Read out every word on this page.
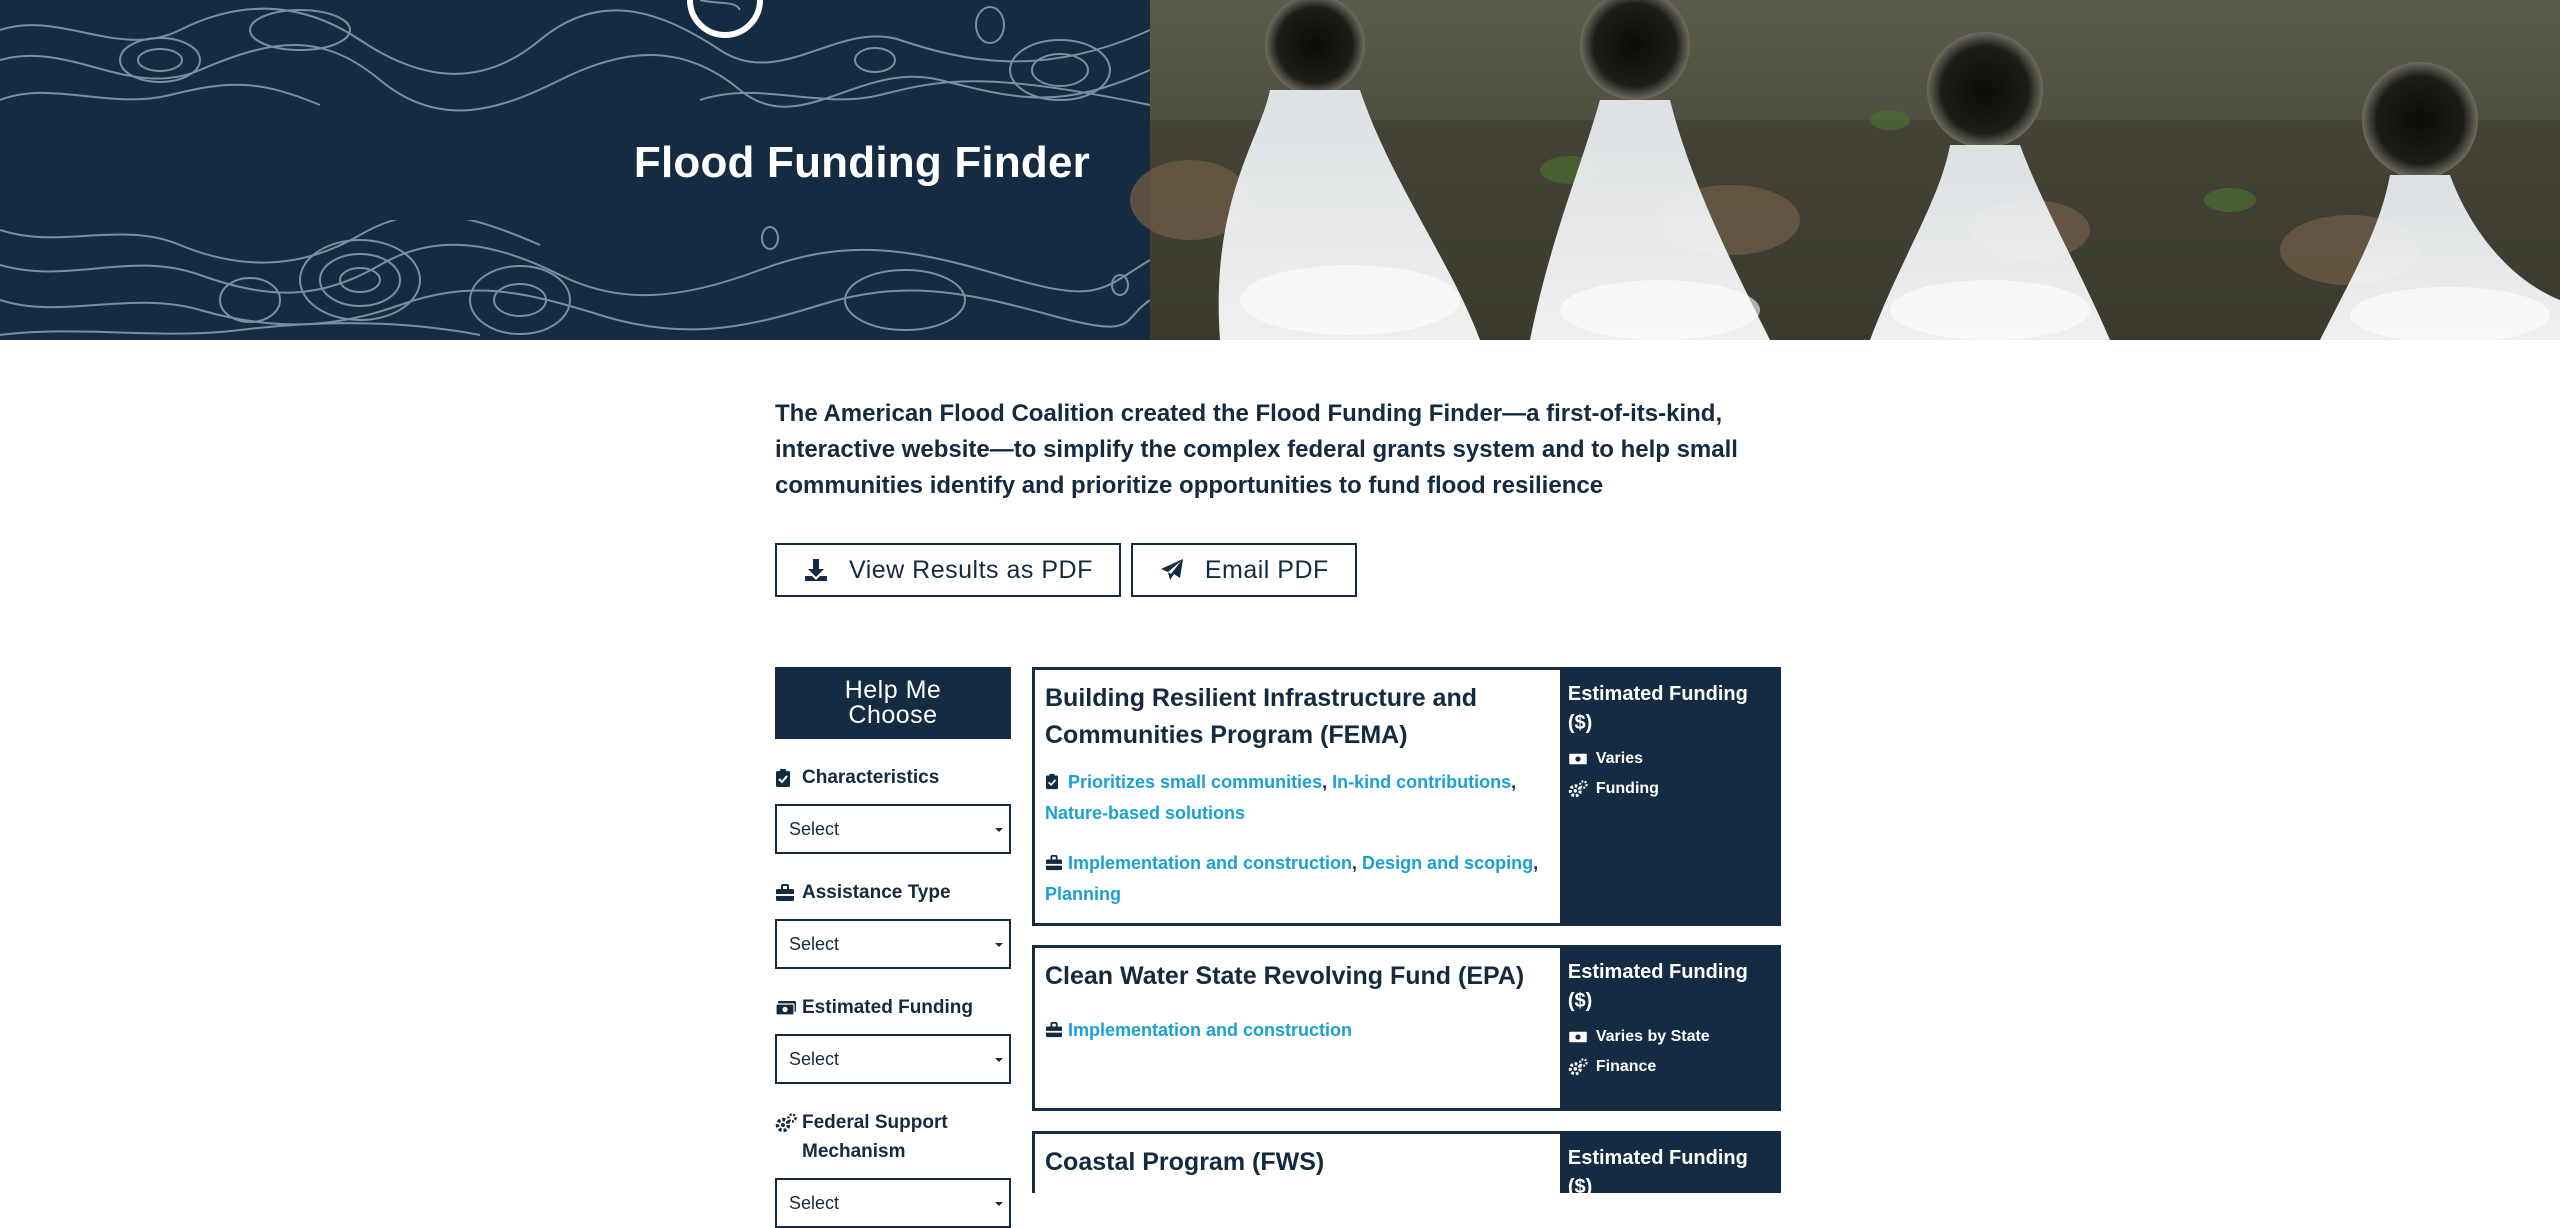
Flood Funding Finder

The American Flood Coalition created the Flood Funding Finder—a first-of-its-kind, interactive website—to simplify the complex federal grants system and to help small communities identify and prioritize opportunities to fund flood resilience

View Results as PDF	Email PDF
Help Me
Choose
Characteristics
Select
Assistance Type
Select
Estimated Funding
Select
Federal Support
Mechanism
Select
Building Resilient Infrastructure and
Communities Program (FEMA)
Prioritizes small communities, In-kind contributions, Nature-based solutions
Implementation and construction, Design and scoping, Planning
Estimated Funding
($)
Varies
Funding
Clean Water State Revolving Fund (EPA)
Implementation and construction
Estimated Funding
($)
Varies by State
Finance
Coastal Program (FWS)	Estimated Funding
($)
